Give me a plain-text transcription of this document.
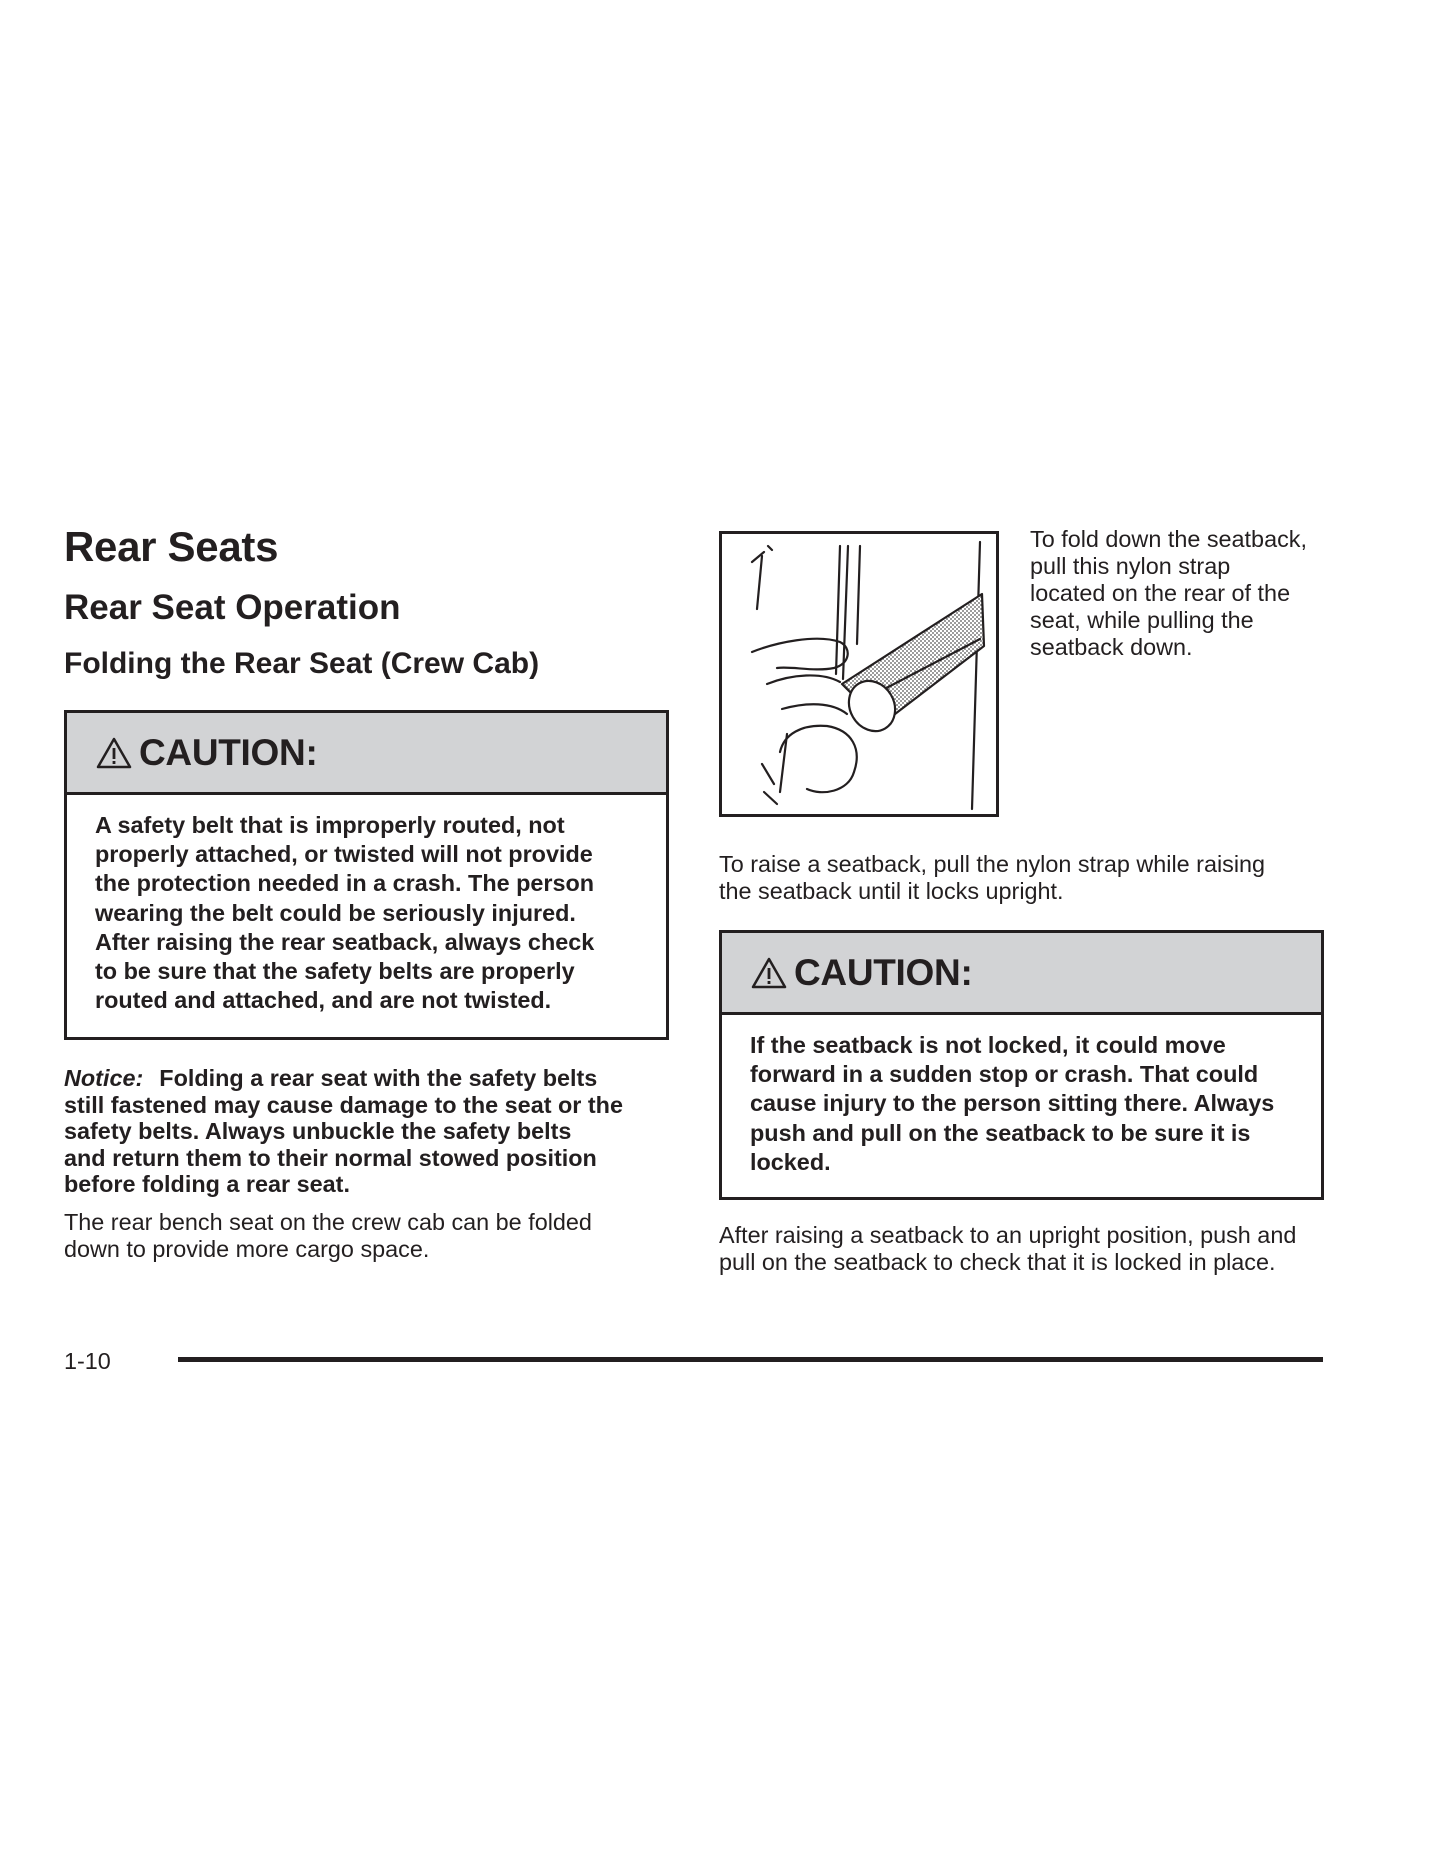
Rear Seats
Rear Seat Operation
Folding the Rear Seat (Crew Cab)
CAUTION:
A safety belt that is improperly routed, not
properly attached, or twisted will not provide
the protection needed in a crash. The person
wearing the belt could be seriously injured.
After raising the rear seatback, always check
to be sure that the safety belts are properly
routed and attached, and are not twisted.
Notice: Folding a rear seat with the safety belts
still fastened may cause damage to the seat or the
safety belts. Always unbuckle the safety belts
and return them to their normal stowed position
before folding a rear seat.
The rear bench seat on the crew cab can be folded
down to provide more cargo space.
To fold down the seatback,
pull this nylon strap
located on the rear of the
seat, while pulling the
seatback down.
To raise a seatback, pull the nylon strap while raising
the seatback until it locks upright.
CAUTION:
If the seatback is not locked, it could move
forward in a sudden stop or crash. That could
cause injury to the person sitting there. Always
push and pull on the seatback to be sure it is
locked.
After raising a seatback to an upright position, push and
pull on the seatback to check that it is locked in place.
1-10
